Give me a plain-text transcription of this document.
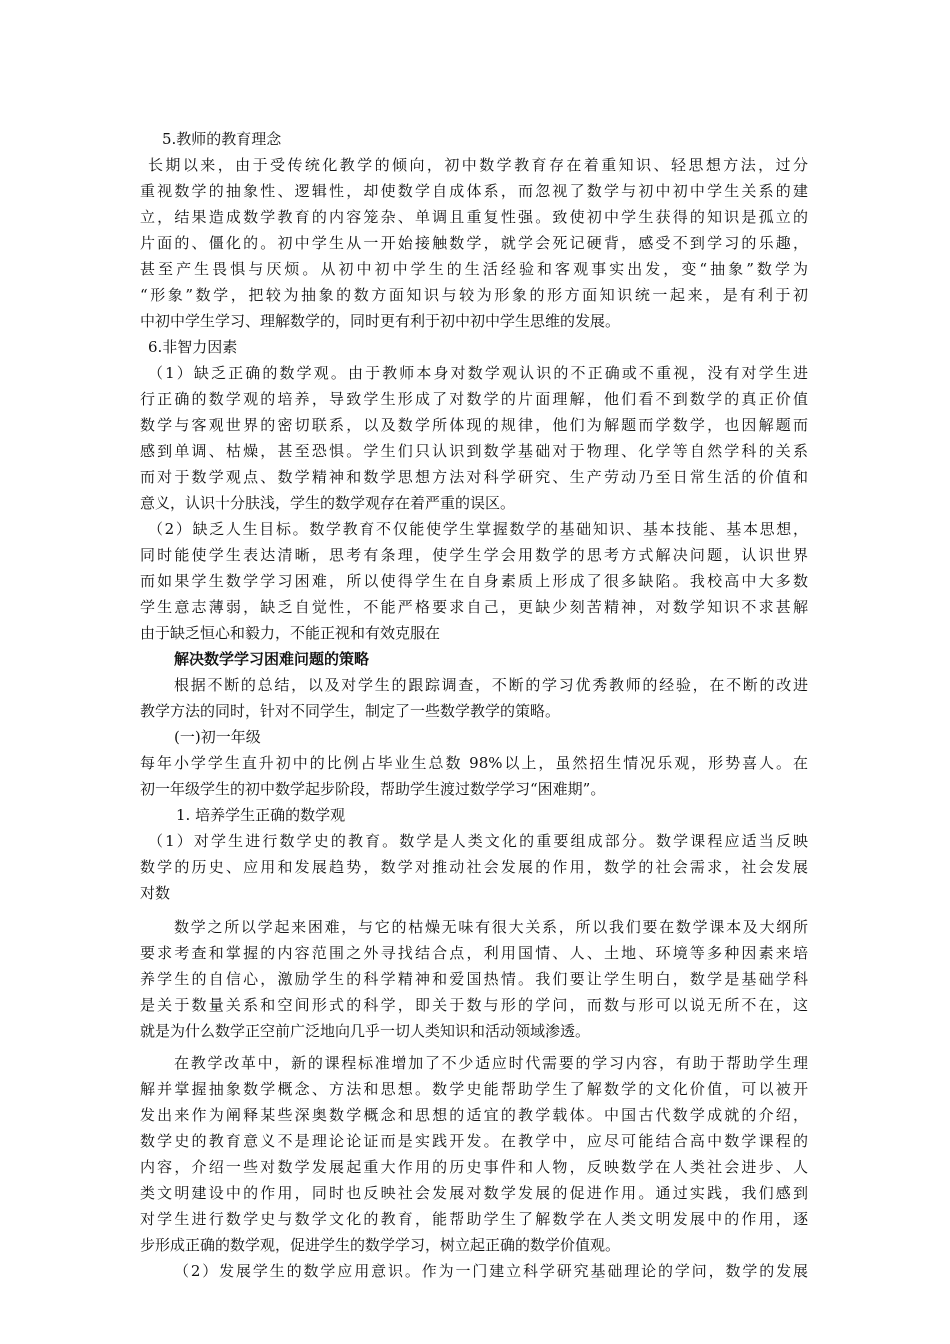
5.教师的教育理念
长期以来，由于受传统化教学的倾向，初中数学教育存在着重知识、轻思想方法，过分
重视数学的抽象性、逻辑性，却使数学自成体系，而忽视了数学与初中初中学生关系的建
立，结果造成数学教育的内容笼杂、单调且重复性强。致使初中学生获得的知识是孤立的
片面的、僵化的。初中学生从一开始接触数学，就学会死记硬背，感受不到学习的乐趣，
甚至产生畏惧与厌烦。从初中初中学生的生活经验和客观事实出发，变“抽象”数学为
“形象”数学，把较为抽象的数方面知识与较为形象的形方面知识统一起来，是有利于初
中初中学生学习、理解数学的，同时更有利于初中初中学生思维的发展。
6.非智力因素
（1）缺乏正确的数学观。由于教师本身对数学观认识的不正确或不重视，没有对学生进
行正确的数学观的培养，导致学生形成了对数学的片面理解，他们看不到数学的真正价值
数学与客观世界的密切联系，以及数学所体现的规律，他们为解题而学数学，也因解题而
感到单调、枯燥，甚至恐惧。学生们只认识到数学基础对于物理、化学等自然学科的关系
而对于数学观点、数学精神和数学思想方法对科学研究、生产劳动乃至日常生活的价值和
意义，认识十分肤浅，学生的数学观存在着严重的误区。
（2）缺乏人生目标。数学教育不仅能使学生掌握数学的基础知识、基本技能、基本思想，
同时能使学生表达清晰，思考有条理，使学生学会用数学的思考方式解决问题，认识世界
而如果学生数学学习困难，所以使得学生在自身素质上形成了很多缺陷。我校高中大多数
学生意志薄弱，缺乏自觉性，不能严格要求自己，更缺少刻苦精神，对数学知识不求甚解
由于缺乏恒心和毅力，不能正视和有效克服在
解决数学学习困难问题的策略
根据不断的总结，以及对学生的跟踪调查，不断的学习优秀教师的经验，在不断的改进
教学方法的同时，针对不同学生，制定了一些数学教学的策略。
(一)初一年级
每年小学学生直升初中的比例占毕业生总数 98%以上，虽然招生情况乐观，形势喜人。在
初一年级学生的初中数学起步阶段，帮助学生渡过数学学习“困难期”。
1. 培养学生正确的数学观
（1）对学生进行数学史的教育。数学是人类文化的重要组成部分。数学课程应适当反映
数学的历史、应用和发展趋势，数学对推动社会发展的作用，数学的社会需求，社会发展
对数
数学之所以学起来困难，与它的枯燥无味有很大关系，所以我们要在数学课本及大纲所
要求考查和掌握的内容范围之外寻找结合点，利用国情、人、土地、环境等多种因素来培
养学生的自信心，激励学生的科学精神和爱国热情。我们要让学生明白，数学是基础学科
是关于数量关系和空间形式的科学，即关于数与形的学问，而数与形可以说无所不在，这
就是为什么数学正空前广泛地向几乎一切人类知识和活动领域渗透。
在教学改革中，新的课程标准增加了不少适应时代需要的学习内容，有助于帮助学生理
解并掌握抽象数学概念、方法和思想。数学史能帮助学生了解数学的文化价值，可以被开
发出来作为阐释某些深奥数学概念和思想的适宜的教学载体。中国古代数学成就的介绍，
数学史的教育意义不是理论论证而是实践开发。在教学中，应尽可能结合高中数学课程的
内容，介绍一些对数学发展起重大作用的历史事件和人物，反映数学在人类社会进步、人
类文明建设中的作用，同时也反映社会发展对数学发展的促进作用。通过实践，我们感到
对学生进行数学史与数学文化的教育，能帮助学生了解数学在人类文明发展中的作用，逐
步形成正确的数学观，促进学生的数学学习，树立起正确的数学价值观。
（2）发展学生的数学应用意识。作为一门建立科学研究基础理论的学问，数学的发展
